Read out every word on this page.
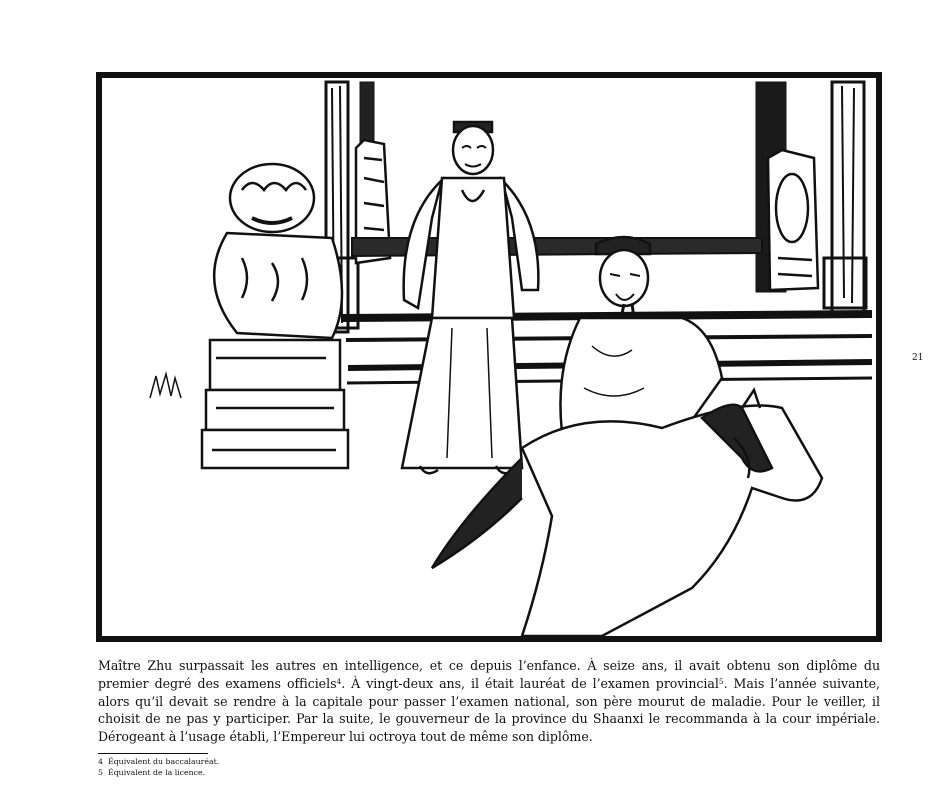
21

Maître Zhu surpassait les autres en intelligence, et ce depuis l’enfance. À seize ans, il avait obtenu son diplôme du premier degré des examens officiels$^4$. À vingt-deux ans, il était lauréat de l’examen provincial$^5$. Mais l’année suivante, alors qu’il devait se rendre à la capitale pour passer l’examen national, son père mourut de maladie. Pour le veiller, il choisit de ne pas y participer. Par la suite, le gouverneur de la province du Shaanxi le recommanda à la cour impériale. Dérogeant à l’usage établi, l’Empereur lui octroya tout de même son diplôme.

4 Équivalent du baccalauréat.
5 Équivalent de la licence.
